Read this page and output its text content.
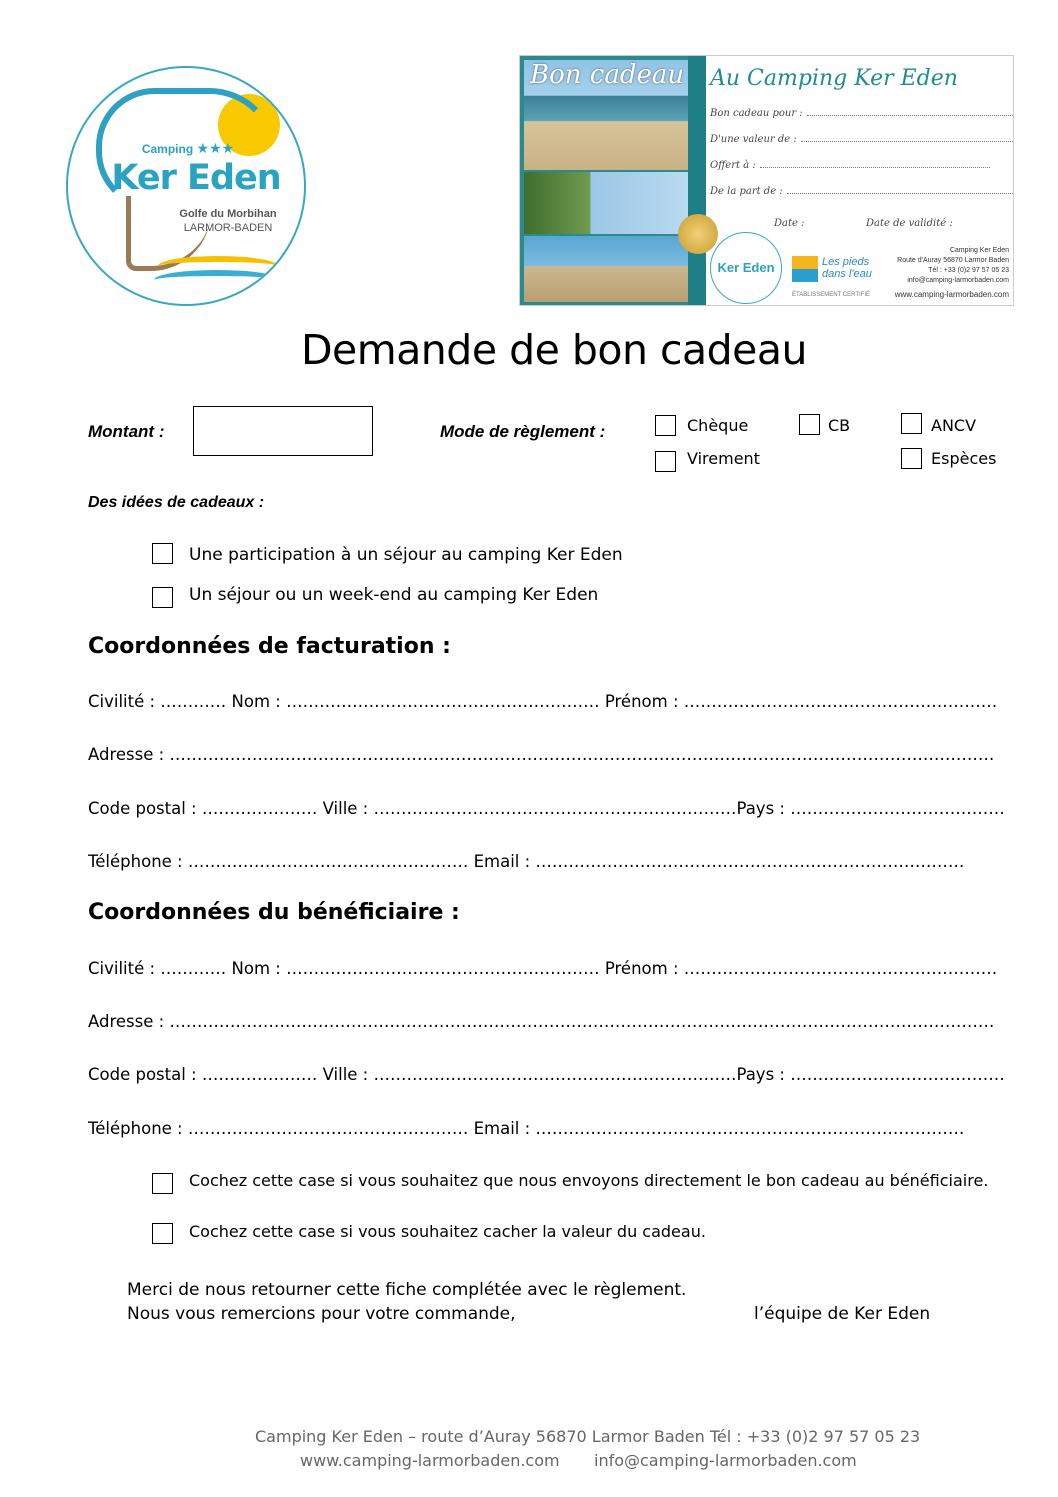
Camping ★★★
Ker Eden
Golfe du Morbihan
LARMOR-BADEN
Bon cadeau Au Camping Ker Eden
Bon cadeau pour :
D'une valeur de :
Offert à :
De la part de :
Date :	Date de validité :
Ker Eden	Les pieds dans l'eau
ÉTABLISSEMENT CERTIFIÉ
Camping Ker Eden
Route d'Auray 56870 Larmor Baden
Tél : +33 (0)2 97 57 05 23
info@camping-larmorbaden.com
www.camping-larmorbaden.com
Demande de bon cadeau
Montant :	Mode de règlement :	Chèque	CB	ANCV
Virement	Espèces
Des idées de cadeaux :
Une participation à un séjour au camping Ker Eden
Un séjour ou un week-end au camping Ker Eden
Coordonnées de facturation :
Civilité : ………… Nom : ………………………………………………… Prénom : …………………………………………………
Adresse : ……………………………………………………………………………………………………………………………………
Code postal : ………………… Ville : …………………………………………………………Pays : …………………………………
Téléphone : …………………………………………… Email : ……………………………………………………………………
Coordonnées du bénéficiaire :
Civilité : ………… Nom : ………………………………………………… Prénom : …………………………………………………
Adresse : ……………………………………………………………………………………………………………………………………
Code postal : ………………… Ville : …………………………………………………………Pays : …………………………………
Téléphone : …………………………………………… Email : ……………………………………………………………………
Cochez cette case si vous souhaitez que nous envoyons directement le bon cadeau au bénéficiaire.
Cochez cette case si vous souhaitez cacher la valeur du cadeau.
Merci de nous retourner cette fiche complétée avec le règlement.
Nous vous remercions pour votre commande,	l’équipe de Ker Eden
Camping Ker Eden – route d’Auray 56870 Larmor Baden Tél : +33 (0)2 97 57 05 23
www.camping-larmorbaden.com info@camping-larmorbaden.com
